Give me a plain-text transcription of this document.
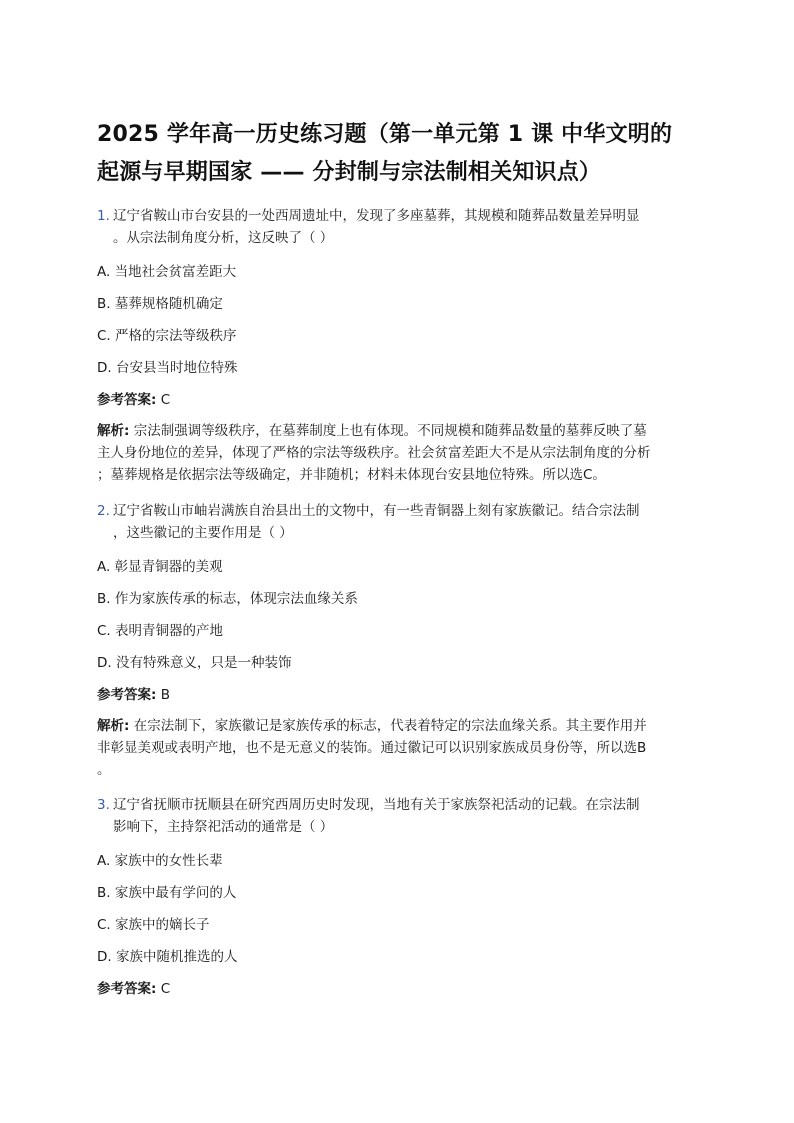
2025 学年高一历史练习题（第一单元第 1 课 中华文明的
起源与早期国家 —— 分封制与宗法制相关知识点）
1. 辽宁省鞍山市台安县的一处西周遗址中，发现了多座墓葬，其规模和随葬品数量差异明显
。从宗法制角度分析，这反映了（ ）
A. 当地社会贫富差距大
B. 墓葬规格随机确定
C. 严格的宗法等级秩序
D. 台安县当时地位特殊
参考答案: C
解析: 宗法制强调等级秩序，在墓葬制度上也有体现。不同规模和随葬品数量的墓葬反映了墓
主人身份地位的差异，体现了严格的宗法等级秩序。社会贫富差距大不是从宗法制角度的分析
；墓葬规格是依据宗法等级确定，并非随机；材料未体现台安县地位特殊。所以选C。
2. 辽宁省鞍山市岫岩满族自治县出土的文物中，有一些青铜器上刻有家族徽记。结合宗法制
，这些徽记的主要作用是（ ）
A. 彰显青铜器的美观
B. 作为家族传承的标志，体现宗法血缘关系
C. 表明青铜器的产地
D. 没有特殊意义，只是一种装饰
参考答案: B
解析: 在宗法制下，家族徽记是家族传承的标志，代表着特定的宗法血缘关系。其主要作用并
非彰显美观或表明产地，也不是无意义的装饰。通过徽记可以识别家族成员身份等，所以选B
。
3. 辽宁省抚顺市抚顺县在研究西周历史时发现，当地有关于家族祭祀活动的记载。在宗法制
影响下，主持祭祀活动的通常是（ ）
A. 家族中的女性长辈
B. 家族中最有学问的人
C. 家族中的嫡长子
D. 家族中随机推选的人
参考答案: C
